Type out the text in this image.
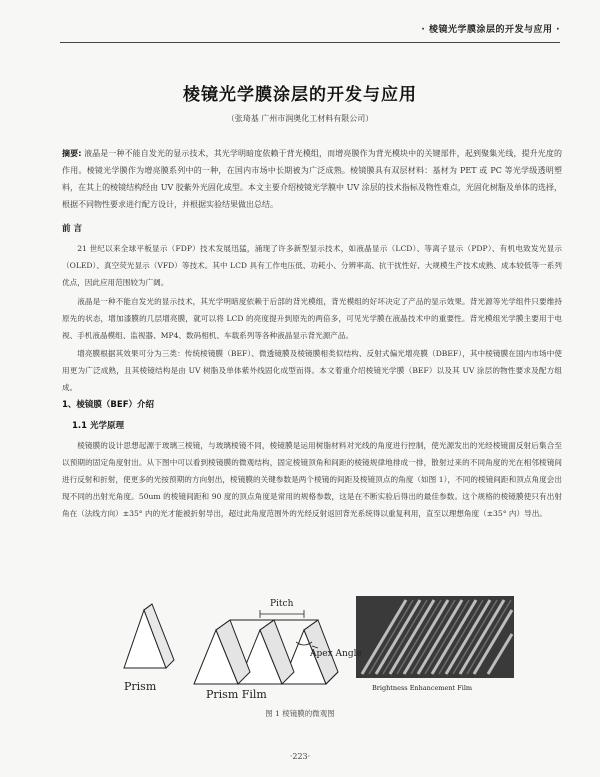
· 棱镜光学膜涂层的开发与应用 ·
棱镜光学膜涂层的开发与应用
（张琦基 广州市润奥化工材料有限公司）
摘要: 液晶是一种不能自发光的显示技术，其光学明暗度依赖于背光模组，而增亮膜作为背光模块中的关键部件，起到聚集光线，提升光度的作用。棱镜光学膜作为增亮膜系列中的一种，在国内市场中长期被为广泛成熟。棱镜膜具有双层材料：基材为 PET 或 PC 等光学级透明塑料，在其上的棱镜结构经由 UV 胶紫外光固化成型。本文主要介绍棱镜光学膜中 UV 涂层的技术指标及物性难点，光固化树脂及单体的选择，根据不同物性要求进行配方设计，并根据实验结果做出总结。
前 言
21 世纪以来全球平板显示（FDP）技术发展迅猛，涌现了许多新型显示技术，如液晶显示（LCD）、等离子显示（PDP）、有机电致发光显示（OLED）、真空荧光显示（VFD）等技术。其中 LCD 具有工作电压低、功耗小、分辨率高、抗干扰性好、大规模生产技术成熟、成本较低等一系列优点，因此应用范围较为广阔。
液晶是一种不能自发光的显示技术，其光学明暗度依赖于后部的背光模组，背光模组的好坏决定了产品的显示效果。背光源等光学组件只要维持原先的状态，增加漆膜的几层增亮膜，就可以将 LCD 的亮度提升到原先的两倍多，可见光学膜在液晶技术中的重要性。背光模组光学膜主要用于电视、手机液晶模组、监视器、MP4、数码相机、车载系列等各种液晶显示背光源产品。
增亮膜根据其效果可分为三类：传统棱镜膜（BEF）、微透镜膜及棱镜膜相类似结构、反射式偏光增亮膜（DBEF），其中棱镜膜在国内市场中使用更为广泛成熟，且其棱镜结构是由 UV 树脂及单体紫外线固化成型而得。本文着重介绍棱镜光学膜（BEF）以及其 UV 涂层的物性要求及配方组成。
1、棱镜膜（BEF）介绍
1.1 光学原理
棱镜膜的设计思想起源于玻璃三棱镜，与玻璃棱镜不同，棱镜膜是运用树脂材料对光线的角度进行控制，使光源发出的光经棱镜面反射后集合至以预期的固定角度射出。从下图中可以看到棱镜膜的微观结构，固定棱镜顶角和间距的棱镜规律地排成一排，散射过来的不同角度的光在相邻棱镜间进行反射和折射，使更多的光按预期的方向射出，棱镜膜的关键参数是两个棱镜的间距及棱镜顶点的角度（如图 1），不同的棱镜间距和顶点角度会出现不同的出射光角度。50um 的棱镜间距和 90 度的顶点角度是常用的规格参数，这是在不断实验后得出的最佳参数。这个规格的棱镜膜使只有出射角在（法线方向）±35° 内的光才能被折射导出，超过此角度范围外的光经反射返回背光系统得以重复利用，直至以理想角度（±35° 内）导出。
Pitch
Apex Angle
Prism
Prism Film	Brightness Enhancement Film
图 1 棱镜膜的微观图
·223·
